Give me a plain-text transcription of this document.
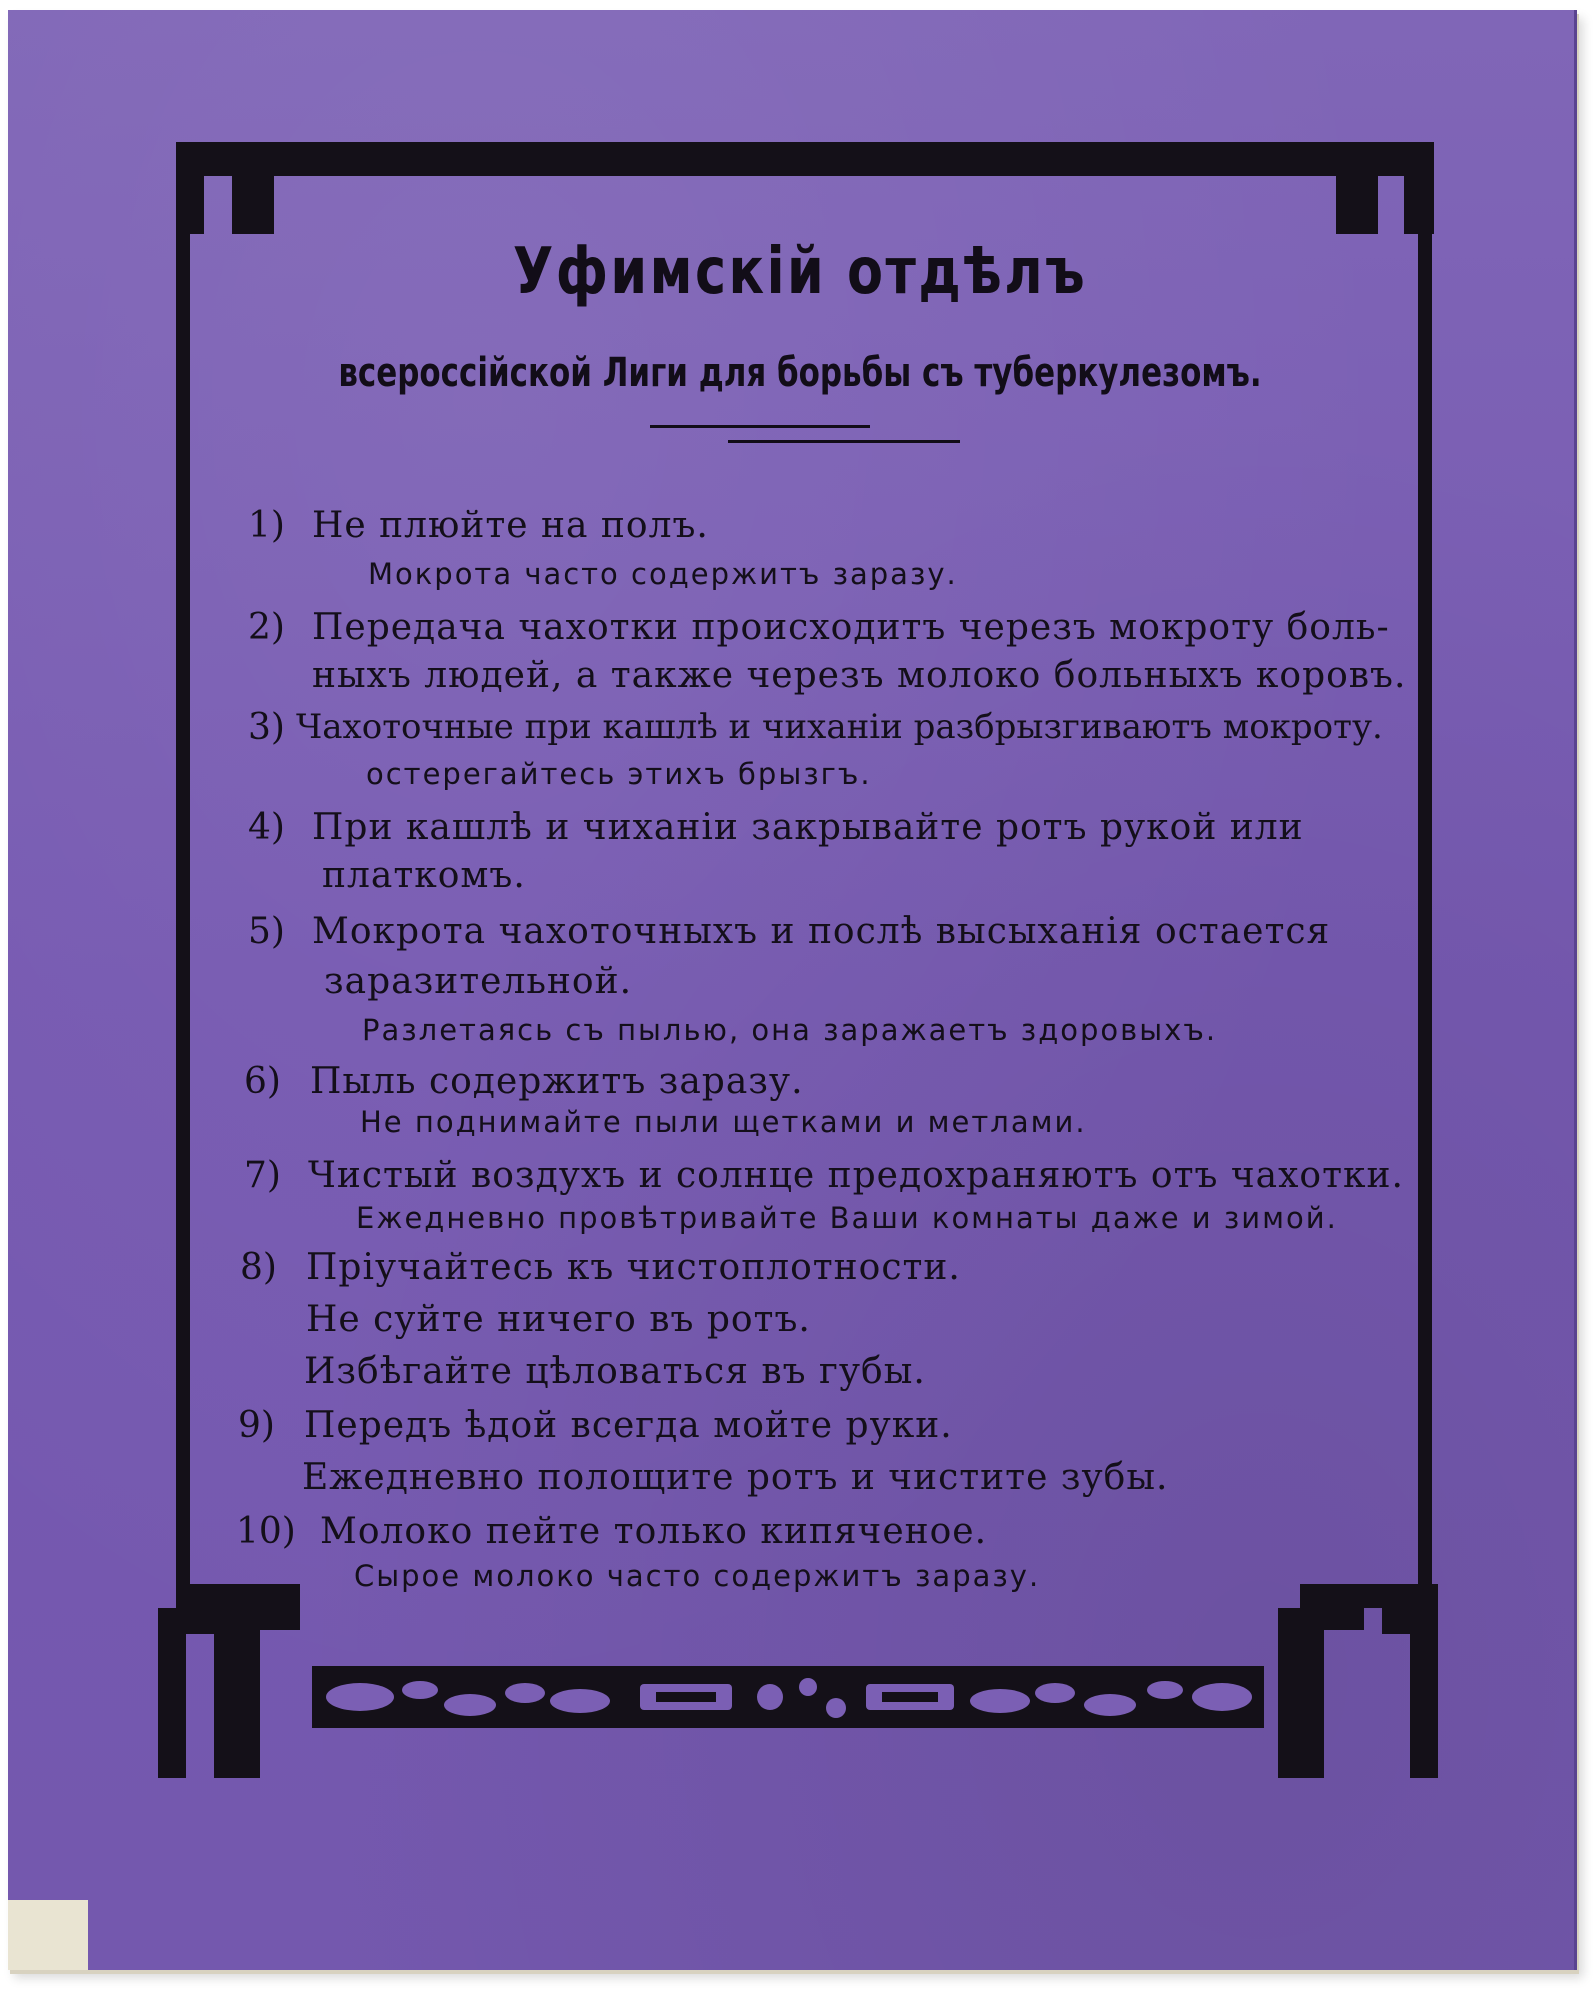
Уфимскій отдѣлъ
всероссійской Лиги для борьбы съ туберкулезомъ.
1) Не плюйте на полъ.
Мокрота часто содержитъ заразу.
2) Передача чахотки происходитъ черезъ мокроту боль-
ныхъ людей, а также черезъ молоко больныхъ коровъ.
3) Чахоточные при кашлѣ и чиханіи разбрызгиваютъ мокроту.
остерегайтесь этихъ брызгъ.
4) При кашлѣ и чиханіи закрывайте ротъ рукой или
платкомъ.
5) Мокрота чахоточныхъ и послѣ высыханія остается
заразительной.
Разлетаясь съ пылью, она заражаетъ здоровыхъ.
6) Пыль содержитъ заразу.
Не поднимайте пыли щетками и метлами.
7) Чистый воздухъ и солнце предохраняютъ отъ чахотки.
Ежедневно провѣтривайте Ваши комнаты даже и зимой.
8) Пріучайтесь къ чистоплотности.
Не суйте ничего въ ротъ.
Избѣгайте цѣловаться въ губы.
9) Передъ ѣдой всегда мойте руки.
Ежедневно полощите ротъ и чистите зубы.
10) Молоко пейте только кипяченое.
Сырое молоко часто содержитъ заразу.
